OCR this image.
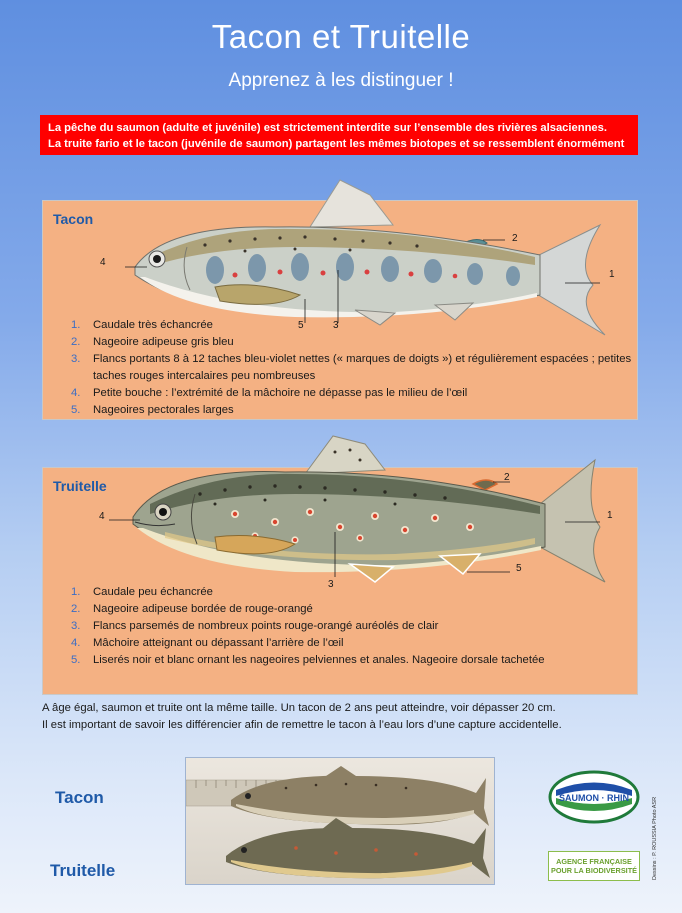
Tacon et Truitelle
Apprenez à les distinguer !
La pêche du saumon (adulte et juvénile) est strictement interdite sur l’ensemble des rivières alsaciennes.
La truite fario et le tacon (juvénile de saumon) partagent les mêmes biotopes et se ressemblent énormément
Tacon
1.	Caudale très échancrée
2.	Nageoire adipeuse gris bleu
3.	Flancs portants 8 à 12 taches bleu-violet nettes (« marques de doigts ») et régulièrement espacées ; petites taches rouges intercalaires peu nombreuses
4.	Petite bouche : l’extrémité de la mâchoire ne dépasse pas le milieu de l’œil
5.	Nageoires pectorales larges
4
2
1
3
5
Truitelle
1.	Caudale peu échancrée
2.	Nageoire adipeuse bordée de rouge-orangé
3.	Flancs parsemés de nombreux points rouge-orangé auréolés de clair
4.	Mâchoire atteignant ou dépassant l’arrière de l’œil
5.	Liserés noir et blanc ornant les nageoires pelviennes et anales. Nageoire dorsale tachetée
4
2
1
3
5
A âge égal, saumon et truite ont la même taille. Un tacon de 2 ans peut atteindre, voir dépasser 20 cm.
Il est important de savoir les différencier afin de remettre le tacon à l’eau lors d’une capture accidentelle.
Tacon
Truitelle
SAUMON · RHIN
AGENCE FRANÇAISE
POUR LA BIODIVERSITÉ	Dessins : P. ROUSSIA Photo ASR
